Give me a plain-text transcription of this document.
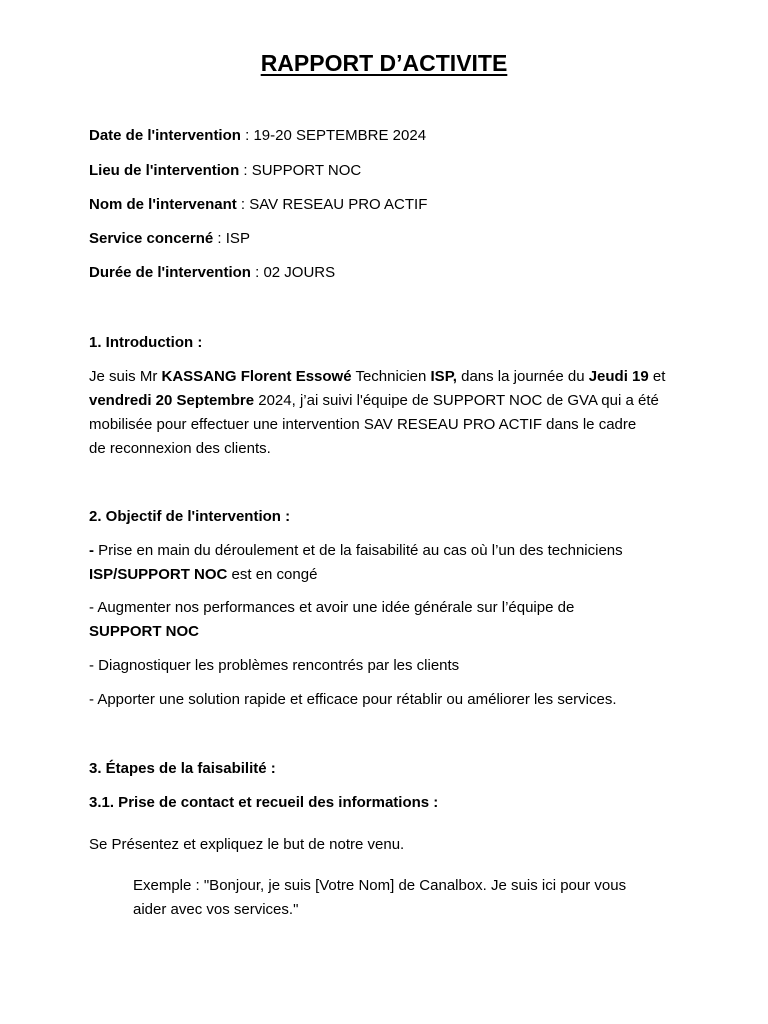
RAPPORT D’ACTIVITE
Date de l'intervention : 19-20 SEPTEMBRE 2024
Lieu de l'intervention : SUPPORT NOC
Nom de l'intervenant : SAV RESEAU PRO ACTIF
Service concerné : ISP
Durée de l'intervention : 02 JOURS
1. Introduction :
Je suis Mr KASSANG Florent Essowé Technicien ISP, dans la journée du Jeudi 19 et
vendredi 20 Septembre 2024, j’ai suivi l'équipe de SUPPORT NOC de GVA qui a été
mobilisée pour effectuer une intervention SAV RESEAU PRO ACTIF dans le cadre
de reconnexion des clients.
2. Objectif de l'intervention :
- Prise en main du déroulement et de la faisabilité au cas où l’un des techniciens
ISP/SUPPORT NOC est en congé
- Augmenter nos performances et avoir une idée générale sur l’équipe de
SUPPORT NOC
- Diagnostiquer les problèmes rencontrés par les clients
- Apporter une solution rapide et efficace pour rétablir ou améliorer les services.
3. Étapes de la faisabilité :
3.1. Prise de contact et recueil des informations :
Se Présentez et expliquez le but de notre venu.
Exemple : "Bonjour, je suis [Votre Nom] de Canalbox. Je suis ici pour vous
aider avec vos services."
